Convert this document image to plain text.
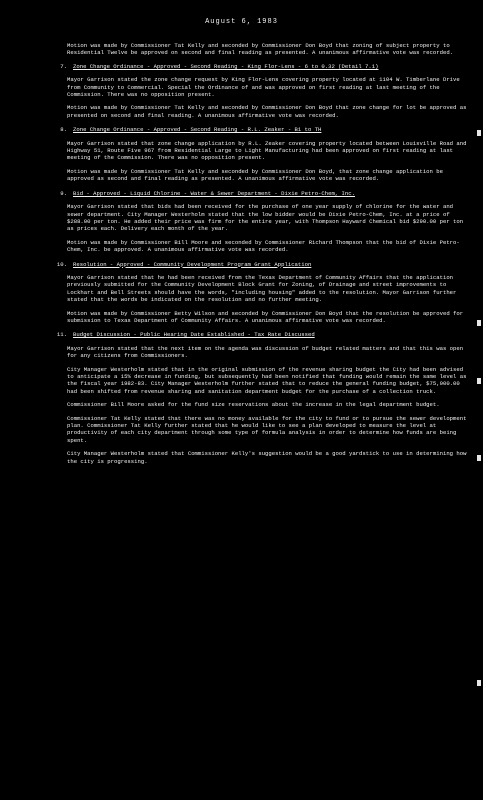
August 6, 1983
Motion was made by Commissioner Tat Kelly and seconded by Commissioner Don Boyd that zoning of subject property to Residential Twelve be approved on second and final reading as presented. A unanimous affirmative vote was recorded.
7.	Zone Change Ordinance - Approved - Second Reading - King Flor-Lens - 6 to 0.32 (Detail 7.1)
Mayor Garrison stated the zone change request by King Flor-Lens covering property located at 1104 W. Timberlane Drive from Community to Commercial. Special the Ordinance of and was approved on first reading at last meeting of the Commission. There was no opposition present.
Motion was made by Commissioner Tat Kelly and seconded by Commissioner Don Boyd that zone change for lot be approved as presented on second and final reading. A unanimous affirmative vote was recorded.
8.	Zone Change Ordinance - Approved - Second Reading - R.L. Zeaker - B1 to TH
Mayor Garrison stated that zone change application by R.L. Zeaker covering property located between Louisville Road and Highway 51, Route Five 967 from Residential Large to Light Manufacturing had been approved on first reading at last meeting of the Commission. There was no opposition present.
Motion was made by Commissioner Tat Kelly and seconded by Commissioner Don Boyd, that zone change application be approved as second and final reading as presented. A unanimous affirmative vote was recorded.
9.	Bid - Approved - Liquid Chlorine - Water & Sewer Department - Dixie Petro-Chem, Inc.
Mayor Garrison stated that bids had been received for the purchase of one year supply of chlorine for the water and sewer department. City Manager Westerholm stated that the low bidder would be Dixie Petro-Chem, Inc. at a price of $288.00 per ton. He added their price was firm for the entire year, with Thompson Hayward Chemical bid $290.00 per ton as prices each. Delivery each month of the year.
Motion was made by Commissioner Bill Moore and seconded by Commissioner Richard Thompson that the bid of Dixie Petro-Chem, Inc. be approved. A unanimous affirmative vote was recorded.
10.	Resolution - Approved - Community Development Program Grant Application
Mayor Garrison stated that he had been received from the Texas Department of Community Affairs that the application previously submitted for the Community Development Block Grant for Zoning, of Drainage and street improvements to Lockhart and Bell Streets should have the words, "including housing" added to the resolution. Mayor Garrison further stated that the words be indicated on the resolution and no further meeting.
Motion was made by Commissioner Betty Wilson and seconded by Commissioner Don Boyd that the resolution be approved for submission to Texas Department of Community Affairs. A unanimous affirmative vote was recorded.
11.	Budget Discussion - Public Hearing Date Established - Tax Rate Discussed
Mayor Garrison stated that the next item on the agenda was discussion of budget related matters and that this was open for any citizens from Commissioners.
City Manager Westerholm stated that in the original submission of the revenue sharing budget the City had been advised to anticipate a 15% decrease in funding, but subsequently had been notified that funding would remain the same level as the fiscal year 1982-83. City Manager Westerholm further stated that to reduce the general funding budget, $75,000.00 had been shifted from revenue sharing and sanitation department budget for the purchase of a collection truck.
Commissioner Bill Moore asked for the fund size reservations about the increase in the legal department budget.
Commissioner Tat Kelly stated that there was no money available for the city to fund or to pursue the sewer development plan. Commissioner Tat Kelly further stated that he would like to see a plan developed to measure the level at productivity of each city department through some type of formula analysis in order to determine how funds are being spent.
City Manager Westerholm stated that Commissioner Kelly's suggestion would be a good yardstick to use in determining how the city is progressing.
